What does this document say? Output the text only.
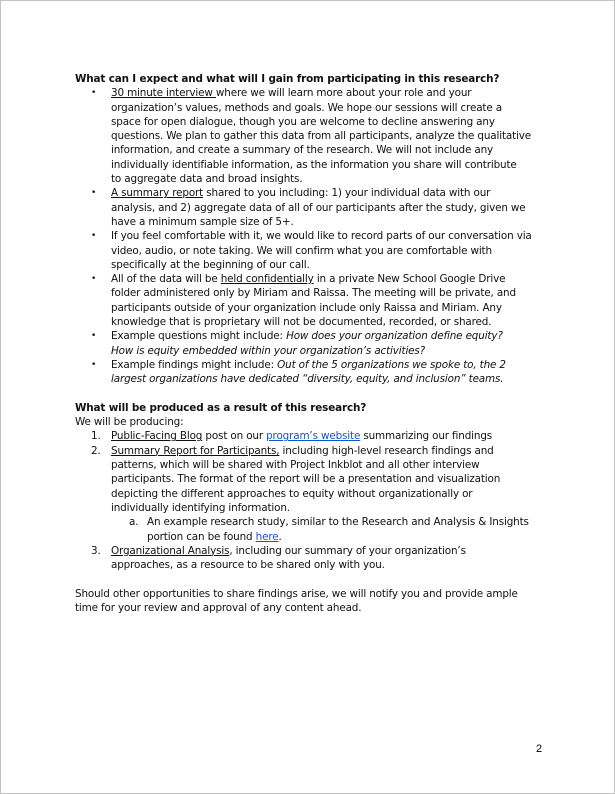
What can I expect and what will I gain from participating in this research?
• 30 minute interview where we will learn more about your role and your
organization’s values, methods and goals. We hope our sessions will create a
space for open dialogue, though you are welcome to decline answering any
questions. We plan to gather this data from all participants, analyze the qualitative
information, and create a summary of the research. We will not include any
individually identifiable information, as the information you share will contribute
to aggregate data and broad insights.
• A summary report shared to you including: 1) your individual data with our
analysis, and 2) aggregate data of all of our participants after the study, given we
have a minimum sample size of 5+.
• If you feel comfortable with it, we would like to record parts of our conversation via
video, audio, or note taking. We will confirm what you are comfortable with
specifically at the beginning of our call.
• All of the data will be held confidentially in a private New School Google Drive
folder administered only by Miriam and Raissa. The meeting will be private, and
participants outside of your organization include only Raissa and Miriam. Any
knowledge that is proprietary will not be documented, recorded, or shared.
• Example questions might include: How does your organization define equity?
How is equity embedded within your organization’s activities?
• Example findings might include: Out of the 5 organizations we spoke to, the 2
largest organizations have dedicated “diversity, equity, and inclusion” teams.
What will be produced as a result of this research?
We will be producing:
1. Public-Facing Blog post on our program’s website summarizing our findings
2. Summary Report for Participants, including high-level research findings and
patterns, which will be shared with Project Inkblot and all other interview
participants. The format of the report will be a presentation and visualization
depicting the different approaches to equity without organizationally or
individually identifying information.
a. An example research study, similar to the Research and Analysis & Insights
portion can be found here.
3. Organizational Analysis, including our summary of your organization’s
approaches, as a resource to be shared only with you.
Should other opportunities to share findings arise, we will notify you and provide ample
time for your review and approval of any content ahead.
2
